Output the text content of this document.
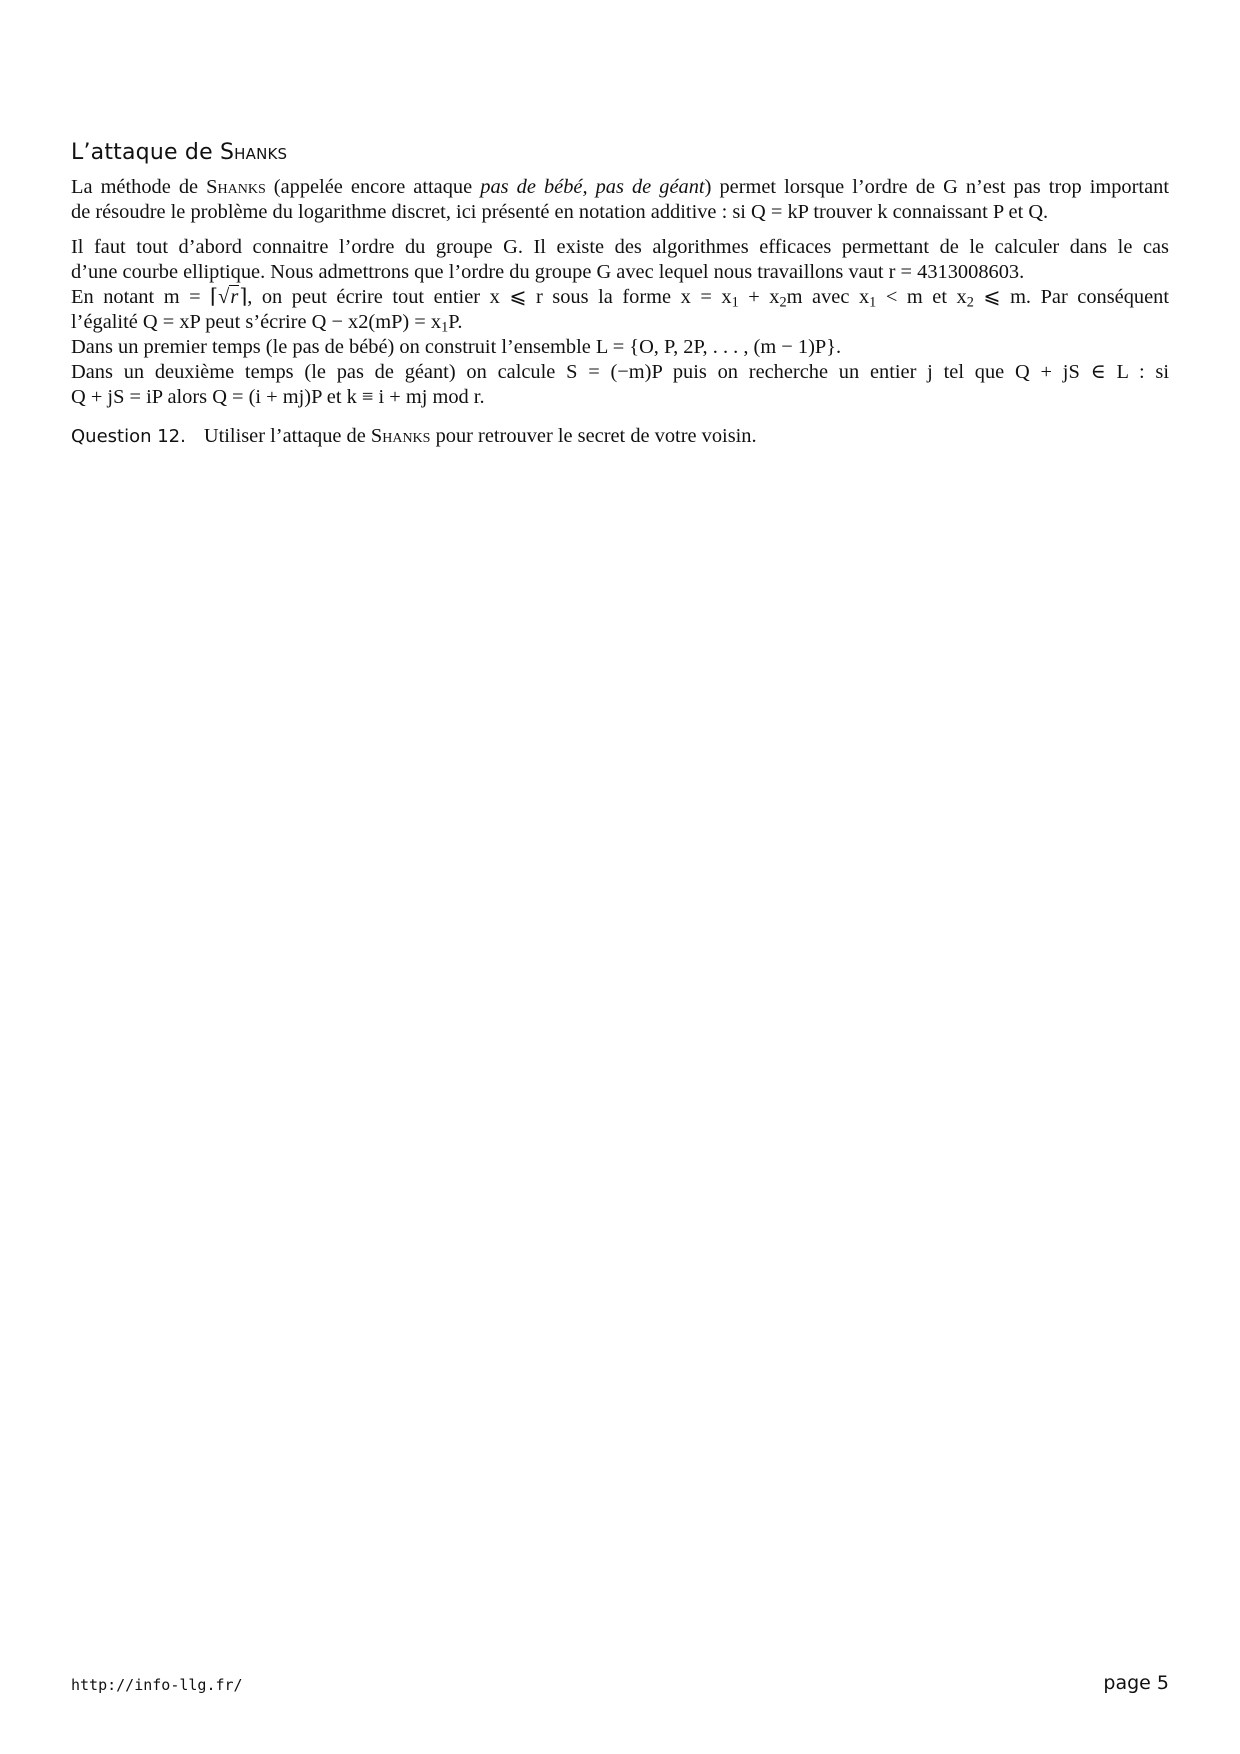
L’attaque de Shanks
La méthode de Shanks (appelée encore attaque pas de bébé, pas de géant) permet lorsque l’ordre de G n’est pas trop important
de résoudre le problème du logarithme discret, ici présenté en notation additive : si Q = kP trouver k connaissant P et Q.
Il faut tout d’abord connaitre l’ordre du groupe G. Il existe des algorithmes efficaces permettant de le calculer dans le cas
d’une courbe elliptique. Nous admettrons que l’ordre du groupe G avec lequel nous travaillons vaut r = 4313008603.
En notant m = ⌈√r⌉, on peut écrire tout entier x ⩽ r sous la forme $x = x_1 + x_2m$ avec $x_1 < m$ et $x_2$ ⩽ m. Par conséquent
l’égalité Q = xP peut s’écrire $Q - x2(mP) = x_1P$.
Dans un premier temps (le pas de bébé) on construit l’ensemble L = {O, P, 2P, . . . , (m − 1)P}.
Dans un deuxième temps (le pas de géant) on calcule S = (−m)P puis on recherche un entier j tel que Q + jS ∈ L : si
Q + jS = iP alors Q = (i + mj)P et k ≡ i + mj mod r.
Question 12. Utiliser l’attaque de Shanks pour retrouver le secret de votre voisin.
http://info-llg.fr/	page 5
